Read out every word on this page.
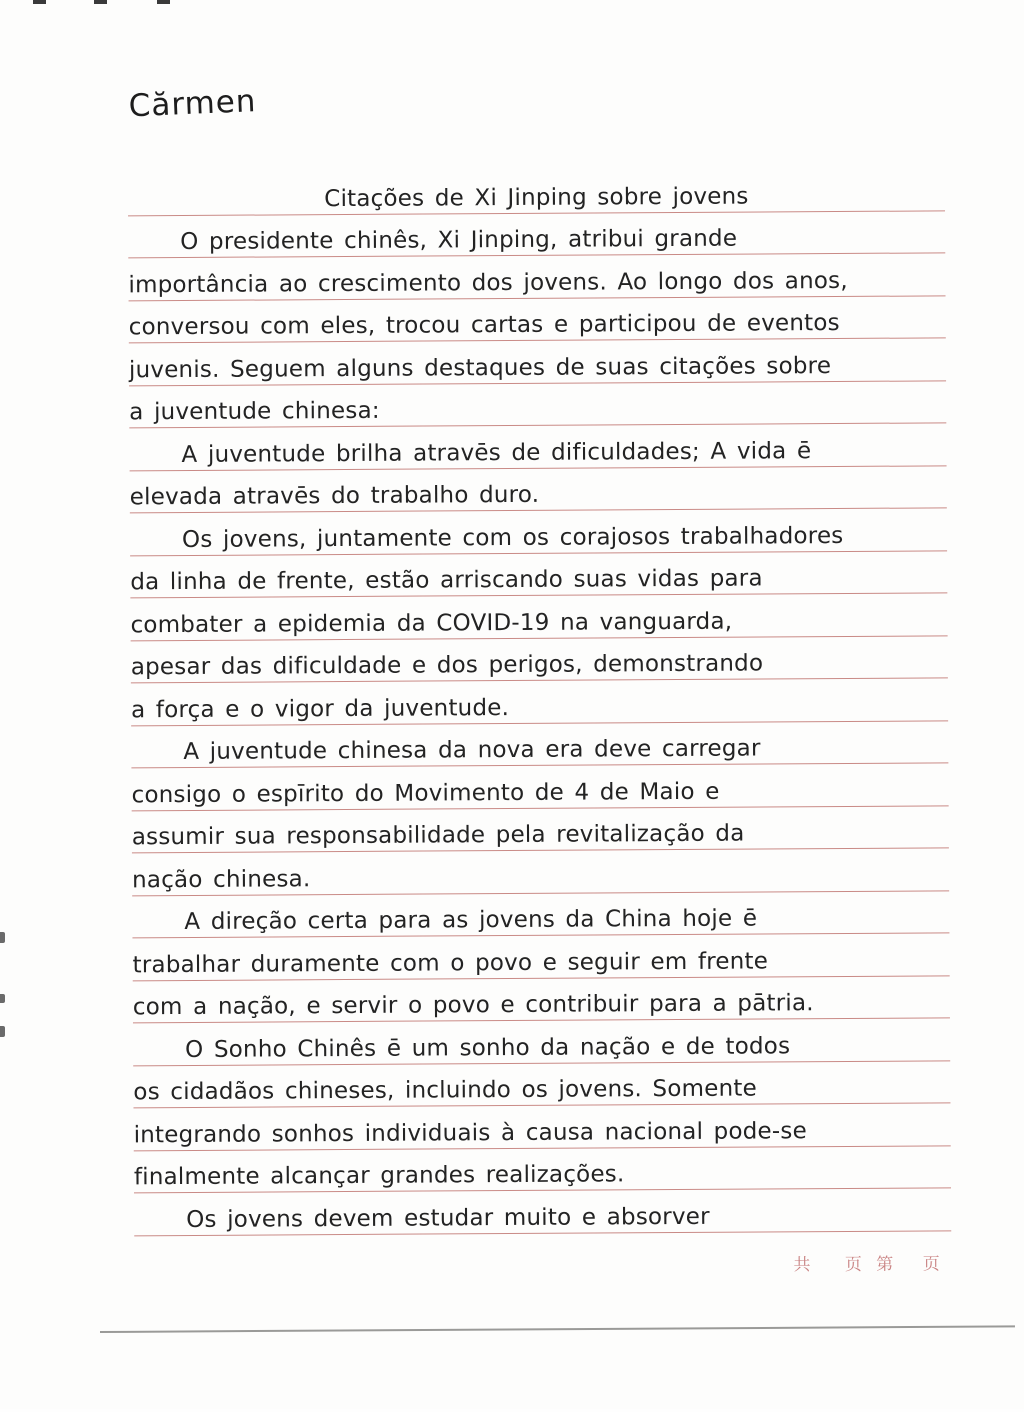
Cărmen
Citações de Xi Jinping sobre jovens
O presidente chinês, Xi Jinping, atribui grande
importância ao crescimento dos jovens. Ao longo dos anos,
conversou com eles, trocou cartas e participou de eventos
juvenis. Seguem alguns destaques de suas citações sobre
a juventude chinesa:
A juventude brilha atravēs de dificuldades; A vida ē
elevada atravēs do trabalho duro.
Os jovens, juntamente com os corajosos trabalhadores
da linha de frente, estão arriscando suas vidas para
combater a epidemia da COVID-19 na vanguarda,
apesar das dificuldade e dos perigos, demonstrando
a força e o vigor da juventude.
A juventude chinesa da nova era deve carregar
consigo o espīrito do Movimento de 4 de Maio e
assumir sua responsabilidade pela revitalização da
nação chinesa.
A direção certa para as jovens da China hoje ē
trabalhar duramente com o povo e seguir em frente
com a nação, e servir o povo e contribuir para a pātria.
O Sonho Chinês ē um sonho da nação e de todos
os cidadãos chineses, incluindo os jovens. Somente
integrando sonhos individuais à causa nacional pode-se
finalmente alcançar grandes realizações.
Os jovens devem estudar muito e absorver
共 页 第 页
